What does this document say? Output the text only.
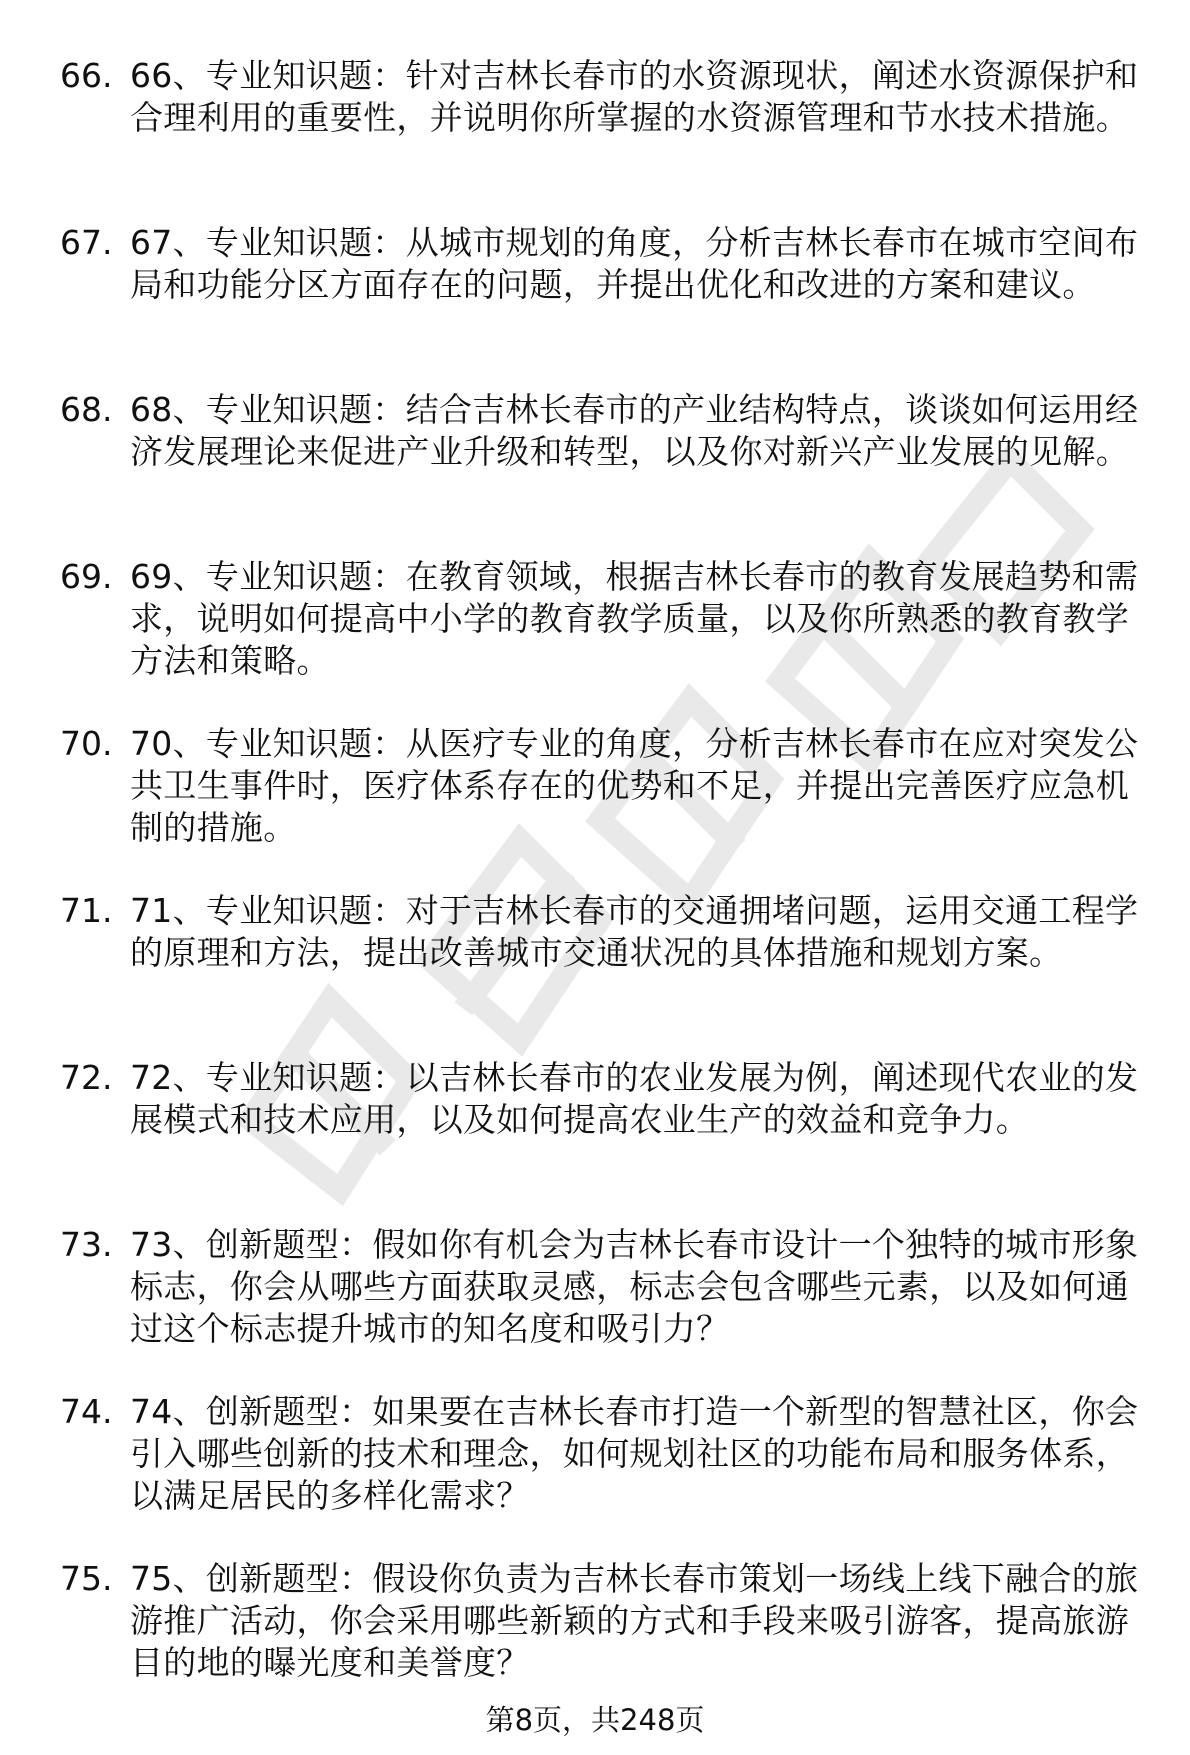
66. 66、专业知识题：针对吉林长春市的水资源现状，阐述水资源保护和合理利用的重要性，并说明你所掌握的水资源管理和节水技术措施。
67. 67、专业知识题：从城市规划的角度，分析吉林长春市在城市空间布局和功能分区方面存在的问题，并提出优化和改进的方案和建议。
68. 68、专业知识题：结合吉林长春市的产业结构特点，谈谈如何运用经济发展理论来促进产业升级和转型，以及你对新兴产业发展的见解。
69. 69、专业知识题：在教育领域，根据吉林长春市的教育发展趋势和需求，说明如何提高中小学的教育教学质量，以及你所熟悉的教育教学方法和策略。
70. 70、专业知识题：从医疗专业的角度，分析吉林长春市在应对突发公共卫生事件时，医疗体系存在的优势和不足，并提出完善医疗应急机制的措施。
71. 71、专业知识题：对于吉林长春市的交通拥堵问题，运用交通工程学的原理和方法，提出改善城市交通状况的具体措施和规划方案。
72. 72、专业知识题：以吉林长春市的农业发展为例，阐述现代农业的发展模式和技术应用，以及如何提高农业生产的效益和竞争力。
73. 73、创新题型：假如你有机会为吉林长春市设计一个独特的城市形象标志，你会从哪些方面获取灵感，标志会包含哪些元素，以及如何通过这个标志提升城市的知名度和吸引力？
74. 74、创新题型：如果要在吉林长春市打造一个新型的智慧社区，你会引入哪些创新的技术和理念，如何规划社区的功能布局和服务体系，以满足居民的多样化需求？
75. 75、创新题型：假设你负责为吉林长春市策划一场线上线下融合的旅游推广活动，你会采用哪些新颖的方式和手段来吸引游客，提高旅游目的地的曝光度和美誉度？
第8页，共248页
